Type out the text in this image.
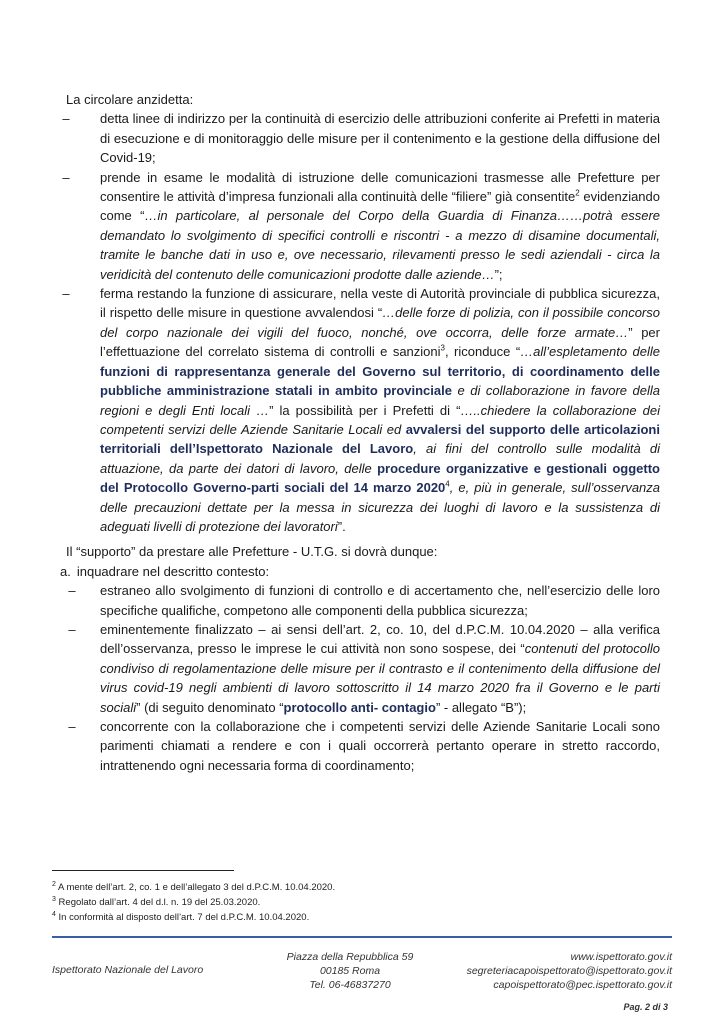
La circolare anzidetta:

– detta linee di indirizzo per la continuità di esercizio delle attribuzioni conferite ai Prefetti in materia di esecuzione e di monitoraggio delle misure per il contenimento e la gestione della diffusione del Covid-19;

– prende in esame le modalità di istruzione delle comunicazioni trasmesse alle Prefetture per consentire le attività d’impresa funzionali alla continuità delle “filiere” già consentite$^2$ evidenziando come “…in particolare, al personale del Corpo della Guardia di Finanza……potrà essere demandato lo svolgimento di specifici controlli e riscontri - a mezzo di disamine documentali, tramite le banche dati in uso e, ove necessario, rilevamenti presso le sedi aziendali - circa la veridicità del contenuto delle comunicazioni prodotte dalle aziende…”;

– ferma restando la funzione di assicurare, nella veste di Autorità provinciale di pubblica sicurezza, il rispetto delle misure in questione avvalendosi “…delle forze di polizia, con il possibile concorso del corpo nazionale dei vigili del fuoco, nonché, ove occorra, delle forze armate…” per l’effettuazione del correlato sistema di controlli e sanzioni$^3$, riconduce “…all’espletamento delle funzioni di rappresentanza generale del Governo sul territorio, di coordinamento delle pubbliche amministrazione statali in ambito provinciale e di collaborazione in favore della regioni e degli Enti locali …” la possibilità per i Prefetti di “…..chiedere la collaborazione dei competenti servizi delle Aziende Sanitarie Locali ed avvalersi del supporto delle articolazioni territoriali dell’Ispettorato Nazionale del Lavoro, ai fini del controllo sulle modalità di attuazione, da parte dei datori di lavoro, delle procedure organizzative e gestionali oggetto del Protocollo Governo-parti sociali del 14 marzo 2020$^4$, e, più in generale, sull’osservanza delle precauzioni dettate per la messa in sicurezza dei luoghi di lavoro e la sussistenza di adeguati livelli di protezione dei lavoratori”.

Il “supporto” da prestare alle Prefetture - U.T.G. si dovrà dunque:

a. inquadrare nel descritto contesto:

– estraneo allo svolgimento di funzioni di controllo e di accertamento che, nell’esercizio delle loro specifiche qualifiche, competono alle componenti della pubblica sicurezza;

– eminentemente finalizzato – ai sensi dell’art. 2, co. 10, del d.P.C.M. 10.04.2020 – alla verifica dell’osservanza, presso le imprese le cui attività non sono sospese, dei “contenuti del protocollo condiviso di regolamentazione delle misure per il contrasto e il contenimento della diffusione del virus covid-19 negli ambienti di lavoro sottoscritto il 14 marzo 2020 fra il Governo e le parti sociali” (di seguito denominato “protocollo anti- contagio” - allegato “B”);

– concorrente con la collaborazione che i competenti servizi delle Aziende Sanitarie Locali sono parimenti chiamati a rendere e con i quali occorrerà pertanto operare in stretto raccordo, intrattenendo ogni necessaria forma di coordinamento;

$^2$ A mente dell’art. 2, co. 1 e dell’allegato 3 del d.P.C.M. 10.04.2020.
$^3$ Regolato dall’art. 4 del d.l. n. 19 del 25.03.2020.
$^4$ In conformità al disposto dell’art. 7 del d.P.C.M. 10.04.2020.
Ispettorato Nazionale del Lavoro
Piazza della Repubblica 59
00185 Roma
Tel. 06-46837270
www.ispettorato.gov.it
segreteriacapoispettorato@ispettorato.gov.it
capoispettorato@pec.ispettorato.gov.it
Pag. 2 di 3
